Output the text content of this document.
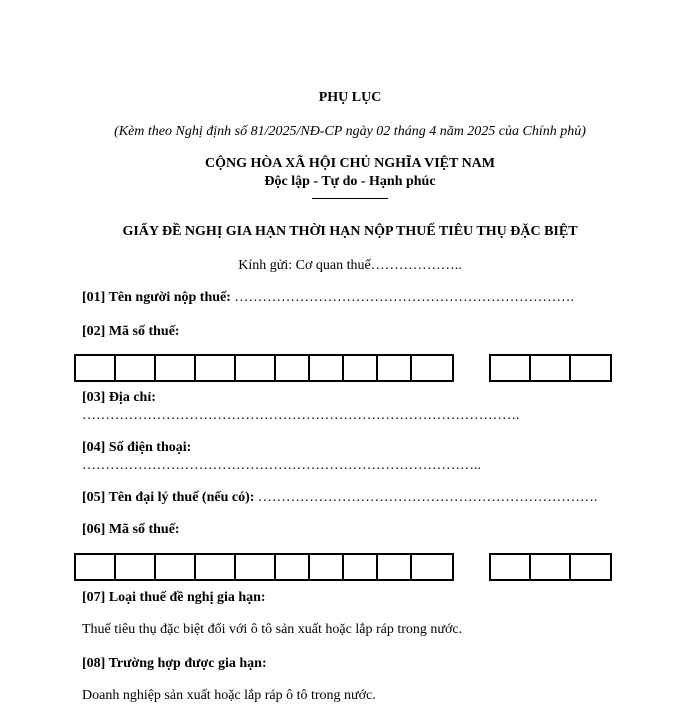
PHỤ LỤC
(Kèm theo Nghị định số 81/2025/NĐ-CP ngày 02 tháng 4 năm 2025 của Chính phủ)
CỘNG HÒA XÃ HỘI CHỦ NGHĨA VIỆT NAM
Độc lập - Tự do - Hạnh phúc
GIẤY ĐỀ NGHỊ GIA HẠN THỜI HẠN NỘP THUẾ TIÊU THỤ ĐẶC BIỆT
Kính gửi: Cơ quan thuế………………..
[01] Tên người nộp thuế: ……………………………………………………………….
[02] Mã số thuế:
[03] Địa chỉ:
………………………………………………………………………………….
[04] Số điện thoại:
…………………………………………………………………………..
[05] Tên đại lý thuế (nếu có): ……………………………………………………………….
[06] Mã số thuế:
[07] Loại thuế đề nghị gia hạn:
Thuế tiêu thụ đặc biệt đối với ô tô sản xuất hoặc lắp ráp trong nước.
[08] Trường hợp được gia hạn:
Doanh nghiệp sản xuất hoặc lắp ráp ô tô trong nước.
